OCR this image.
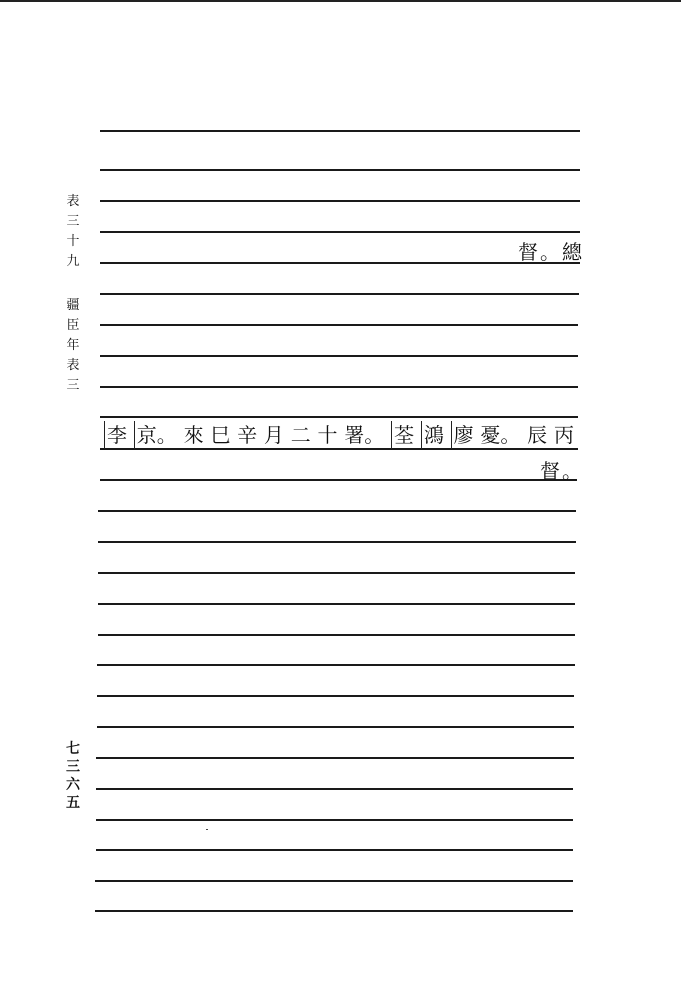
表
三
十
九
疆
臣
年
表
三
七
三
六
五
督。總
李 京。 來 巳 辛 月 二 十 署。 荃 鴻 廖 憂。 辰 丙
督。
